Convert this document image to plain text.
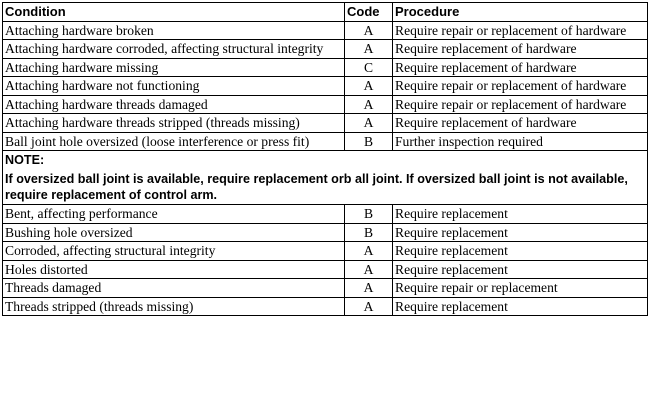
Condition	Code	Procedure
Attaching hardware broken	A	Require repair or replacement of hardware
Attaching hardware corroded, affecting structural integrity	A	Require replacement of hardware
Attaching hardware missing	C	Require replacement of hardware
Attaching hardware not functioning	A	Require repair or replacement of hardware
Attaching hardware threads damaged	A	Require repair or replacement of hardware
Attaching hardware threads stripped (threads missing)	A	Require replacement of hardware
Ball joint hole oversized (loose interference or press fit)	B	Further inspection required

NOTE:
If oversized ball joint is available, require replacement orb all joint. If oversized ball joint is not available, require replacement of control arm.		
Bent, affecting performance	B	Require replacement
Bushing hole oversized	B	Require replacement
Corroded, affecting structural integrity	A	Require replacement
Holes distorted	A	Require replacement
Threads damaged	A	Require repair or replacement
Threads stripped (threads missing)	A	Require replacement
